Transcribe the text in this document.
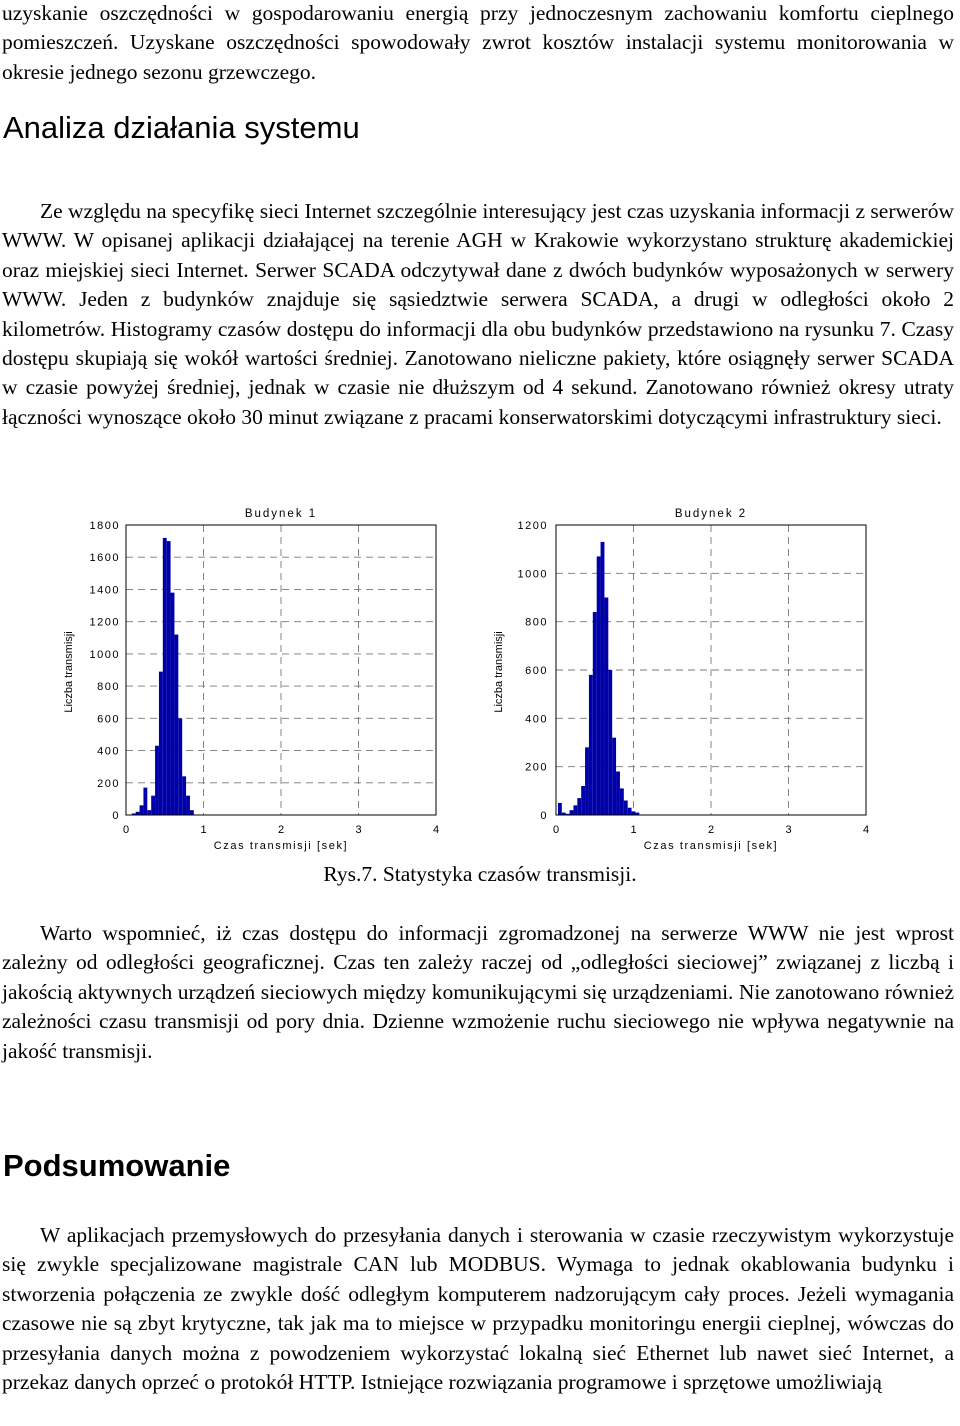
uzyskanie oszczędności w gospodarowaniu energią przy jednoczesnym zachowaniu komfortu cieplnego pomieszczeń. Uzyskane oszczędności spowodowały zwrot kosztów instalacji systemu monitorowania w okresie jednego sezonu grzewczego.

Analiza działania systemu

Ze względu na specyfikę sieci Internet szczególnie interesujący jest czas uzyskania informacji z serwerów WWW. W opisanej aplikacji działającej na terenie AGH w Krakowie wykorzystano strukturę akademickiej oraz miejskiej sieci Internet. Serwer SCADA odczytywał dane z dwóch budynków wyposażonych w serwery WWW. Jeden z budynków znajduje się sąsiedztwie serwera SCADA, a drugi w odległości około 2 kilometrów. Histogramy czasów dostępu do informacji dla obu budynków przedstawiono na rysunku 7. Czasy dostępu skupiają się wokół wartości średniej. Zanotowano nieliczne pakiety, które osiągnęły serwer SCADA w czasie powyżej średniej, jednak w czasie nie dłuższym od 4 sekund. Zanotowano również okresy utraty łączności wynoszące około 30 minut związane z pracami konserwatorskimi dotyczącymi infrastruktury sieci.

0
200
400
600
800
1000
1200
1400
1600
1800
0	1	2	3	4
Budynek 1
Czas transmisji [sek]
Liczba transmisji
0
200
400
600
800
1000
1200
0	1	2	3	4
Budynek 2
Czas transmisji [sek]
Liczba transmisji

Rys.7. Statystyka czasów transmisji.

Warto wspomnieć, iż czas dostępu do informacji zgromadzonej na serwerze WWW nie jest wprost zależny od odległości geograficznej. Czas ten zależy raczej od „odległości sieciowej” związanej z liczbą i jakością aktywnych urządzeń sieciowych między komunikującymi się urządzeniami. Nie zanotowano również zależności czasu transmisji od pory dnia. Dzienne wzmożenie ruchu sieciowego nie wpływa negatywnie na jakość transmisji.

Podsumowanie

W aplikacjach przemysłowych do przesyłania danych i sterowania w czasie rzeczywistym wykorzystuje się zwykle specjalizowane magistrale CAN lub MODBUS. Wymaga to jednak okablowania budynku i stworzenia połączenia ze zwykle dość odległym komputerem nadzorującym cały proces. Jeżeli wymagania czasowe nie są zbyt krytyczne, tak jak ma to miejsce w przypadku monitoringu energii cieplnej, wówczas do przesyłania danych można z powodzeniem wykorzystać lokalną sieć Ethernet lub nawet sieć Internet, a przekaz danych oprzeć o protokół HTTP. Istniejące rozwiązania programowe i sprzętowe umożliwiają
